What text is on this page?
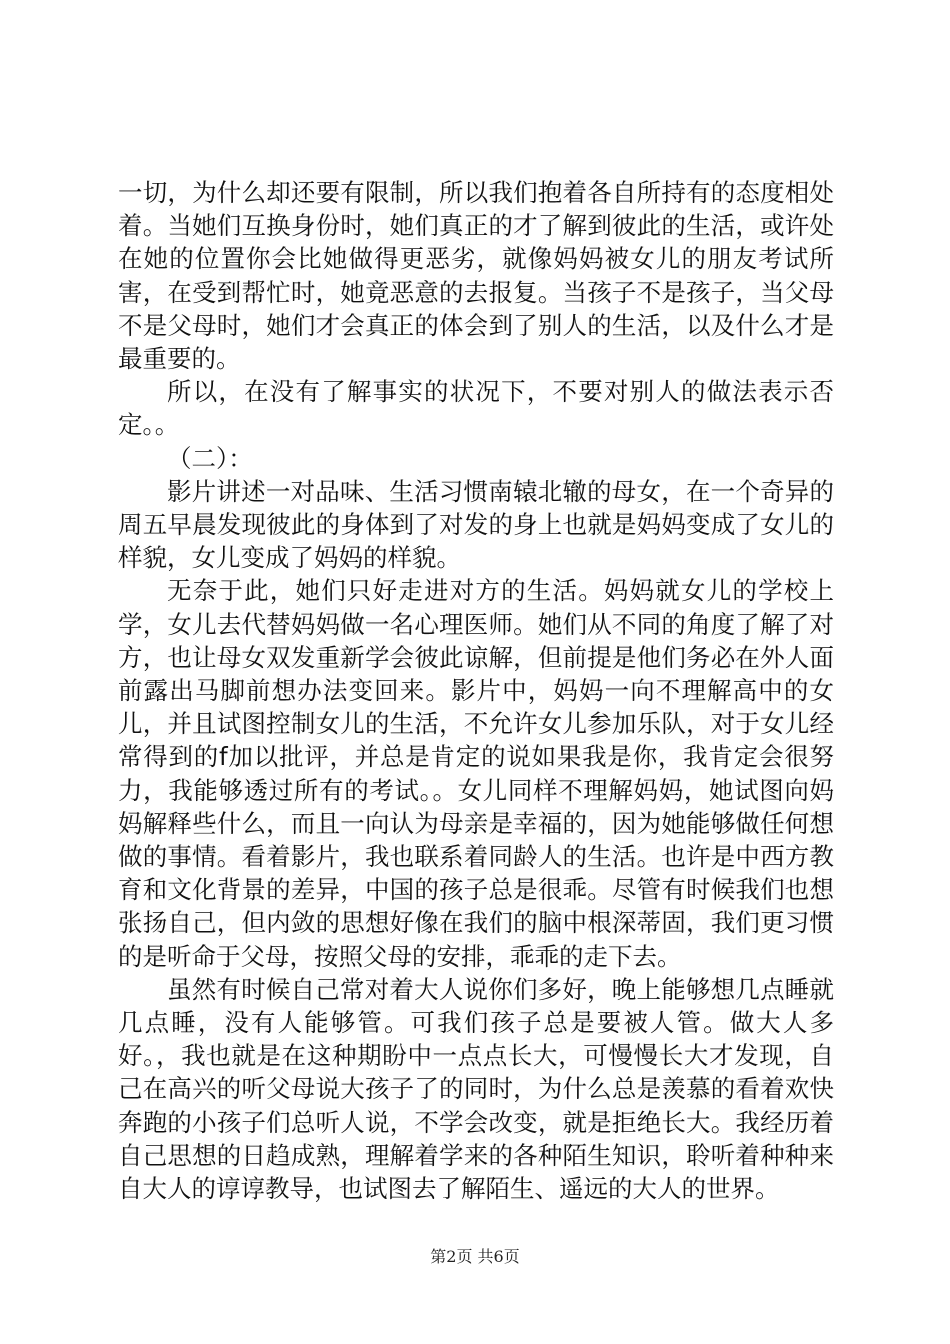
一切，为什么却还要有限制，所以我们抱着各自所持有的态度相处着。当她们互换身份时，她们真正的才了解到彼此的生活，或许处在她的位置你会比她做得更恶劣，就像妈妈被女儿的朋友考试所害，在受到帮忙时，她竟恶意的去报复。当孩子不是孩子，当父母不是父母时，她们才会真正的体会到了别人的生活，以及什么才是最重要的。

所以，在没有了解事实的状况下，不要对别人的做法表示否定。。

（二）：

影片讲述一对品味、生活习惯南辕北辙的母女，在一个奇异的周五早晨发现彼此的身体到了对发的身上也就是妈妈变成了女儿的样貌，女儿变成了妈妈的样貌。

无奈于此，她们只好走进对方的生活。妈妈就女儿的学校上学，女儿去代替妈妈做一名心理医师。她们从不同的角度了解了对方，也让母女双发重新学会彼此谅解，但前提是他们务必在外人面前露出马脚前想办法变回来。影片中，妈妈一向不理解高中的女儿，并且试图控制女儿的生活，不允许女儿参加乐队，对于女儿经常得到的f加以批评，并总是肯定的说如果我是你，我肯定会很努力，我能够透过所有的考试。。女儿同样不理解妈妈，她试图向妈妈解释些什么，而且一向认为母亲是幸福的，因为她能够做任何想做的事情。看着影片，我也联系着同龄人的生活。也许是中西方教育和文化背景的差异，中国的孩子总是很乖。尽管有时候我们也想张扬自己，但内敛的思想好像在我们的脑中根深蒂固，我们更习惯的是听命于父母，按照父母的安排，乖乖的走下去。

虽然有时候自己常对着大人说你们多好，晚上能够想几点睡就几点睡，没有人能够管。可我们孩子总是要被人管。做大人多好。，我也就是在这种期盼中一点点长大，可慢慢长大才发现，自己在高兴的听父母说大孩子了的同时，为什么总是羡慕的看着欢快奔跑的小孩子们总听人说，不学会改变，就是拒绝长大。我经历着自己思想的日趋成熟，理解着学来的各种陌生知识，聆听着种种来自大人的谆谆教导，也试图去了解陌生、遥远的大人的世界。

第2页 共6页
